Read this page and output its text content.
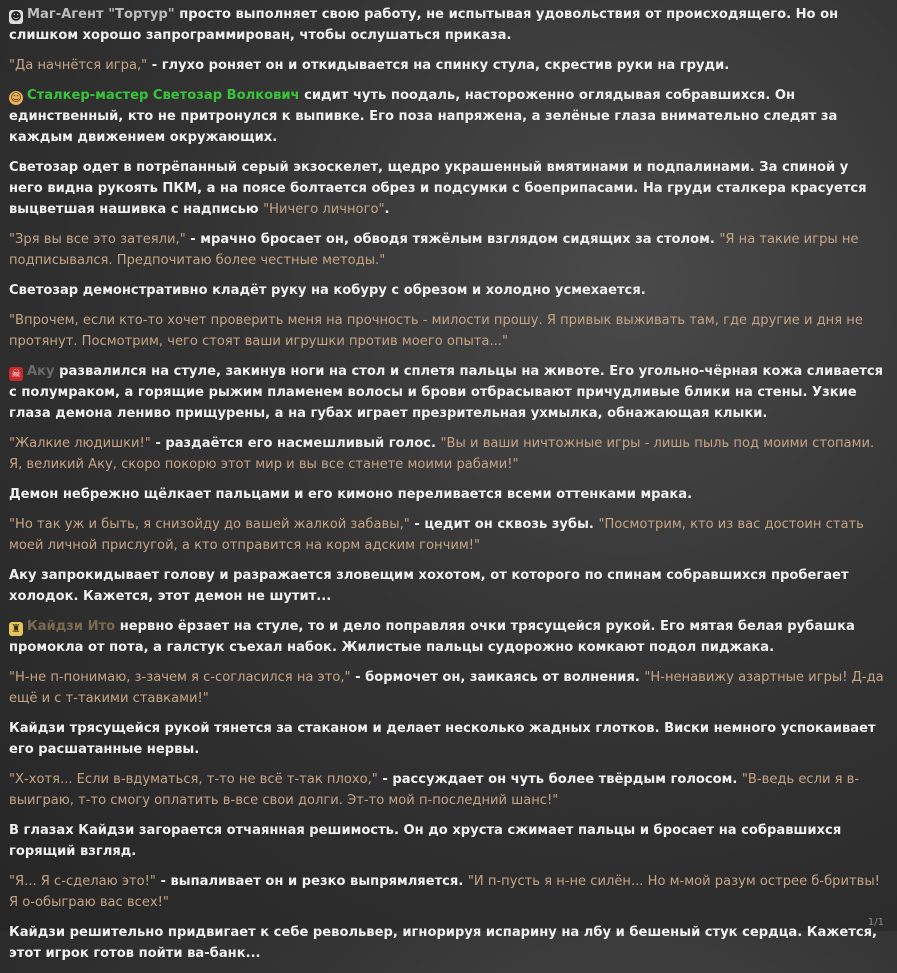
☻ Маг-Агент "Тортур" просто выполняет свою работу, не испытывая удовольствия от происходящего. Но он слишком хорошо запрограммирован, чтобы ослушаться приказа.
"Да начнётся игра," - глухо роняет он и откидывается на спинку стула, скрестив руки на груди.
☺ Сталкер-мастер Светозар Волкович сидит чуть поодаль, настороженно оглядывая собравшихся. Он единственный, кто не притронулся к выпивке. Его поза напряжена, а зелёные глаза внимательно следят за каждым движением окружающих.
Светозар одет в потрёпанный серый экзоскелет, щедро украшенный вмятинами и подпалинами. За спиной у него видна рукоять ПКМ, а на поясе болтается обрез и подсумки с боеприпасами. На груди сталкера красуется выцветшая нашивка с надписью "Ничего личного".
"Зря вы все это затеяли," - мрачно бросает он, обводя тяжёлым взглядом сидящих за столом. "Я на такие игры не подписывался. Предпочитаю более честные методы."
Светозар демонстративно кладёт руку на кобуру с обрезом и холодно усмехается.
"Впрочем, если кто-то хочет проверить меня на прочность - милости прошу. Я привык выживать там, где другие и дня не протянут. Посмотрим, чего стоят ваши игрушки против моего опыта..."
☠ Аку развалился на стуле, закинув ноги на стол и сплетя пальцы на животе. Его угольно-чёрная кожа сливается с полумраком, а горящие рыжим пламенем волосы и брови отбрасывают причудливые блики на стены. Узкие глаза демона лениво прищурены, а на губах играет презрительная ухмылка, обнажающая клыки.
"Жалкие людишки!" - раздаётся его насмешливый голос. "Вы и ваши ничтожные игры - лишь пыль под моими стопами. Я, великий Аку, скоро покорю этот мир и вы все станете моими рабами!"
Демон небрежно щёлкает пальцами и его кимоно переливается всеми оттенками мрака.
"Но так уж и быть, я снизойду до вашей жалкой забавы," - цедит он сквозь зубы. "Посмотрим, кто из вас достоин стать моей личной прислугой, а кто отправится на корм адским гончим!"
Аку запрокидывает голову и разражается зловещим хохотом, от которого по спинам собравшихся пробегает холодок. Кажется, этот демон не шутит...
♜ Кайдзи Ито нервно ёрзает на стуле, то и дело поправляя очки трясущейся рукой. Его мятая белая рубашка промокла от пота, а галстук съехал набок. Жилистые пальцы судорожно комкают подол пиджака.
"Н-не п-понимаю, з-зачем я с-согласился на это," - бормочет он, заикаясь от волнения. "Н-ненавижу азартные игры! Д-да ещё и с т-такими ставками!"
Кайдзи трясущейся рукой тянется за стаканом и делает несколько жадных глотков. Виски немного успокаивает его расшатанные нервы.
"Х-хотя... Если в-вдуматься, т-то не всё т-так плохо," - рассуждает он чуть более твёрдым голосом. "В-ведь если я в-выиграю, т-то смогу оплатить в-все свои долги. Эт-то мой п-последний шанс!"
В глазах Кайдзи загорается отчаянная решимость. Он до хруста сжимает пальцы и бросает на собравшихся горящий взгляд.
"Я... Я с-сделаю это!" - выпаливает он и резко выпрямляется. "И п-пусть я н-не силён... Но м-мой разум острее б-бритвы! Я о-обыграю вас всех!"
Кайдзи решительно придвигает к себе револьвер, игнорируя испарину на лбу и бешеный стук сердца. Кажется, этот игрок готов пойти ва-банк...
1/1
